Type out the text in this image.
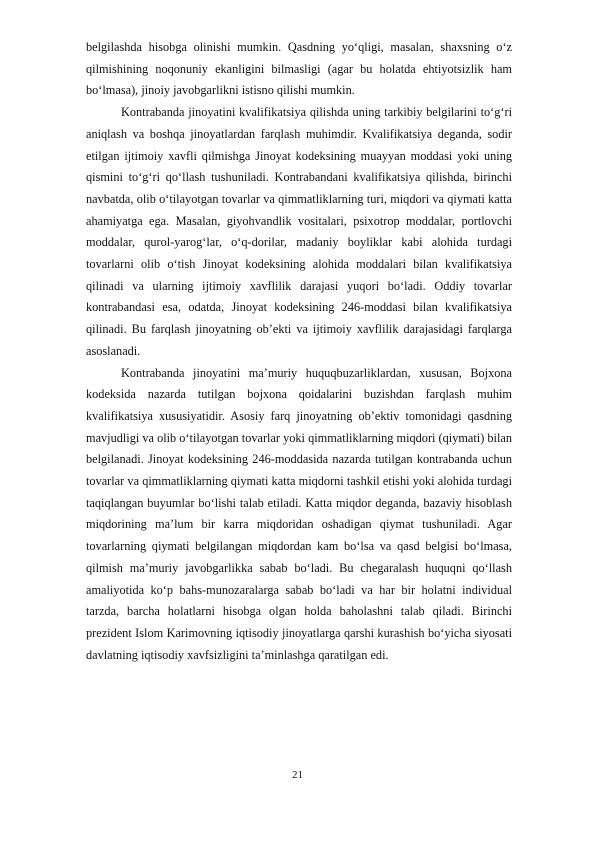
belgilashda hisobga olinishi mumkin. Qasdning yoʻqligi, masalan, shaxsning oʻz qilmishining noqonuniy ekanligini bilmasligi (agar bu holatda ehtiyotsizlik ham boʻlmasa), jinoiy javobgarlikni istisno qilishi mumkin.

Kontrabanda jinoyatini kvalifikatsiya qilishda uning tarkibiy belgilarini toʻgʻri aniqlash va boshqa jinoyatlardan farqlash muhimdir. Kvalifikatsiya deganda, sodir etilgan ijtimoiy xavfli qilmishga Jinoyat kodeksining muayyan moddasi yoki uning qismini toʻgʻri qoʻllash tushuniladi. Kontrabandani kvalifikatsiya qilishda, birinchi navbatda, olib oʻtilayotgan tovarlar va qimmatliklarning turi, miqdori va qiymati katta ahamiyatga ega. Masalan, giyohvandlik vositalari, psixotrop moddalar, portlovchi moddalar, qurol-yarogʻlar, oʻq-dorilar, madaniy boyliklar kabi alohida turdagi tovarlarni olib oʻtish Jinoyat kodeksining alohida moddalari bilan kvalifikatsiya qilinadi va ularning ijtimoiy xavflilik darajasi yuqori boʻladi. Oddiy tovarlar kontrabandasi esa, odatda, Jinoyat kodeksining 246-moddasi bilan kvalifikatsiya qilinadi. Bu farqlash jinoyatning ob’ekti va ijtimoiy xavflilik darajasidagi farqlarga asoslanadi.

Kontrabanda jinoyatini maʼmuriy huquqbuzarliklardan, xususan, Bojxona kodeksida nazarda tutilgan bojxona qoidalarini buzishdan farqlash muhim kvalifikatsiya xususiyatidir. Asosiy farq jinoyatning ob’ektiv tomonidagi qasdning mavjudligi va olib oʻtilayotgan tovarlar yoki qimmatliklarning miqdori (qiymati) bilan belgilanadi. Jinoyat kodeksining 246-moddasida nazarda tutilgan kontrabanda uchun tovarlar va qimmatliklarning qiymati katta miqdorni tashkil etishi yoki alohida turdagi taqiqlangan buyumlar boʻlishi talab etiladi. Katta miqdor deganda, bazaviy hisoblash miqdorining maʼlum bir karra miqdoridan oshadigan qiymat tushuniladi. Agar tovarlarning qiymati belgilangan miqdordan kam boʻlsa va qasd belgisi boʻlmasa, qilmish maʼmuriy javobgarlikka sabab boʻladi. Bu chegaralash huquqni qoʻllash amaliyotida koʻp bahs-munozaralarga sabab boʻladi va har bir holatni individual tarzda, barcha holatlarni hisobga olgan holda baholashni talab qiladi. Birinchi prezident Islom Karimovning iqtisodiy jinoyatlarga qarshi kurashish boʻyicha siyosati davlatning iqtisodiy xavfsizligini ta’minlashga qaratilgan edi.

21
